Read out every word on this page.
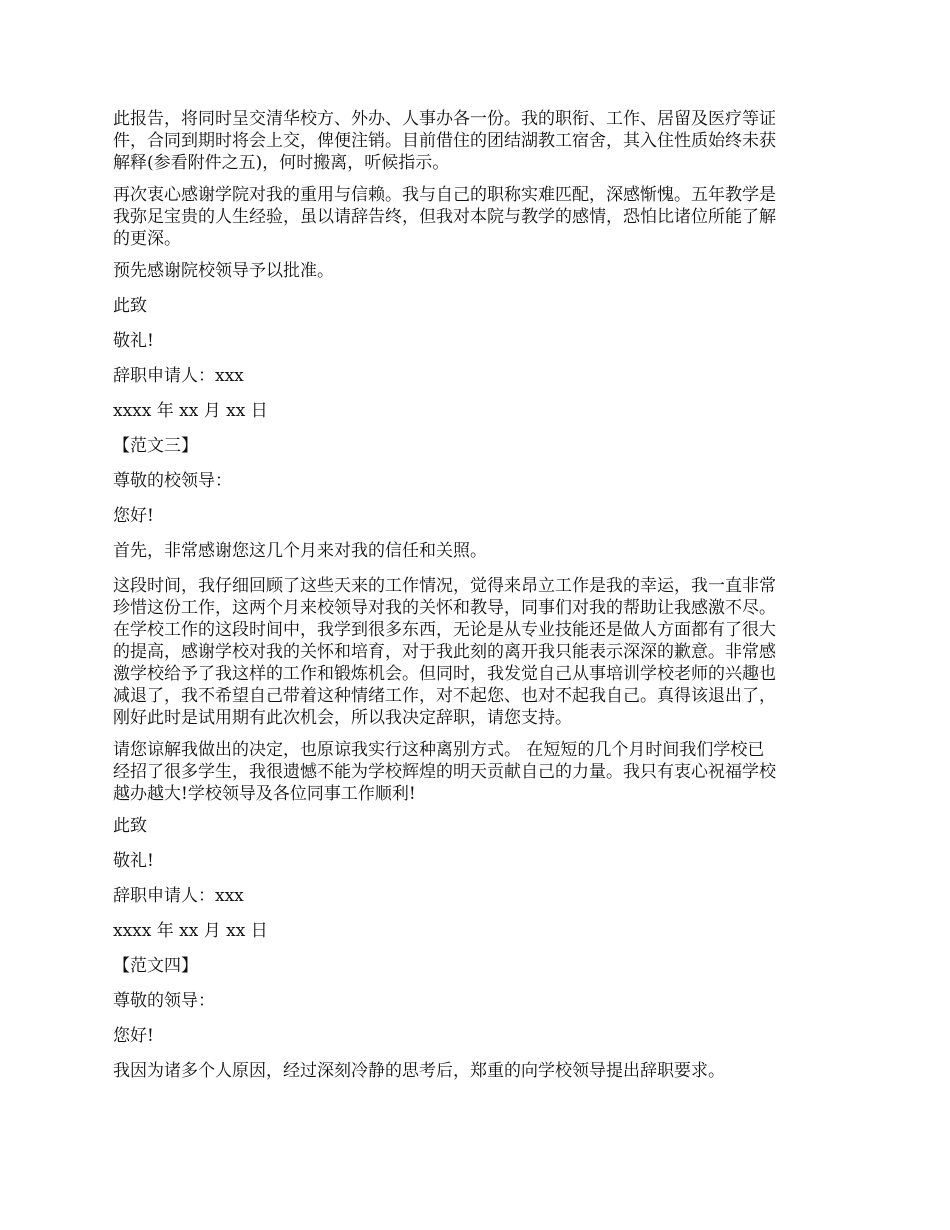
此报告，将同时呈交清华校方、外办、人事办各一份。我的职衔、工作、居留及医疗等证
件，合同到期时将会上交，俾便注销。目前借住的团结湖教工宿舍，其入住性质始终未获
解释(参看附件之五)，何时搬离，听候指示。
再次衷心感谢学院对我的重用与信赖。我与自己的职称实难匹配，深感惭愧。五年教学是
我弥足宝贵的人生经验，虽以请辞告终，但我对本院与教学的感情，恐怕比诸位所能了解
的更深。
预先感谢院校领导予以批准。
此致
敬礼!
辞职申请人：xxx
xxxx 年 xx 月 xx 日
【范文三】
尊敬的校领导：
您好!
首先，非常感谢您这几个月来对我的信任和关照。
这段时间，我仔细回顾了这些天来的工作情况，觉得来昂立工作是我的幸运，我一直非常
珍惜这份工作，这两个月来校领导对我的关怀和教导，同事们对我的帮助让我感激不尽。
在学校工作的这段时间中，我学到很多东西，无论是从专业技能还是做人方面都有了很大
的提高，感谢学校对我的关怀和培育，对于我此刻的离开我只能表示深深的歉意。非常感
激学校给予了我这样的工作和锻炼机会。但同时，我发觉自己从事培训学校老师的兴趣也
减退了，我不希望自己带着这种情绪工作，对不起您、也对不起我自己。真得该退出了，
刚好此时是试用期有此次机会，所以我决定辞职，请您支持。
请您谅解我做出的决定，也原谅我实行这种离别方式。 在短短的几个月时间我们学校已
经招了很多学生，我很遗憾不能为学校辉煌的明天贡献自己的力量。我只有衷心祝福学校
越办越大!学校领导及各位同事工作顺利!
此致
敬礼!
辞职申请人：xxx
xxxx 年 xx 月 xx 日
【范文四】
尊敬的领导：
您好!
我因为诸多个人原因，经过深刻冷静的思考后，郑重的向学校领导提出辞职要求。
